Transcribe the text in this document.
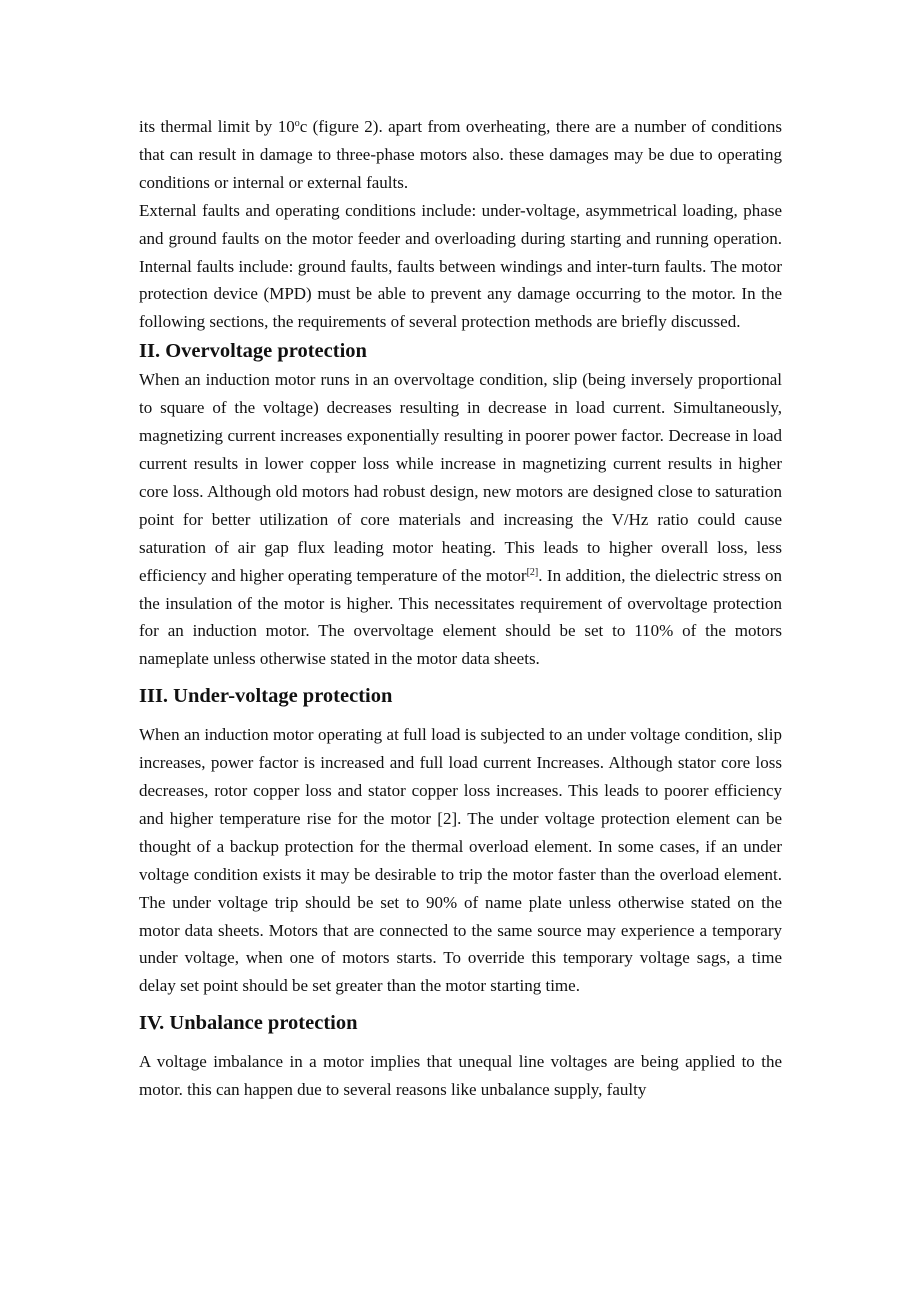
its thermal limit by 10$^o$c (figure 2). apart from overheating, there are a number of conditions that can result in damage to three-phase motors also. these damages may be due to operating conditions or internal or external faults.

External faults and operating conditions include: under-voltage, asymmetrical loading, phase and ground faults on the motor feeder and overloading during starting and running operation. Internal faults include: ground faults, faults between windings and inter-turn faults. The motor protection device (MPD) must be able to prevent any damage occurring to the motor. In the following sections, the requirements of several protection methods are briefly discussed.

II. Overvoltage protection

When an induction motor runs in an overvoltage condition, slip (being inversely proportional to square of the voltage) decreases resulting in decrease in load current. Simultaneously, magnetizing current increases exponentially resulting in poorer power factor. Decrease in load current results in lower copper loss while increase in magnetizing current results in higher core loss. Although old motors had robust design, new motors are designed close to saturation point for better utilization of core materials and increasing the V/Hz ratio could cause saturation of air gap flux leading motor heating. This leads to higher overall loss, less efficiency and higher operating temperature of the motor[2]. In addition, the dielectric stress on the insulation of the motor is higher. This necessitates requirement of overvoltage protection for an induction motor. The overvoltage element should be set to 110% of the motors nameplate unless otherwise stated in the motor data sheets.

III. Under-voltage protection

When an induction motor operating at full load is subjected to an under voltage condition, slip increases, power factor is increased and full load current Increases. Although stator core loss decreases, rotor copper loss and stator copper loss increases. This leads to poorer efficiency and higher temperature rise for the motor [2]. The under voltage protection element can be thought of a backup protection for the thermal overload element. In some cases, if an under voltage condition exists it may be desirable to trip the motor faster than the overload element. The under voltage trip should be set to 90% of name plate unless otherwise stated on the motor data sheets. Motors that are connected to the same source may experience a temporary under voltage, when one of motors starts. To override this temporary voltage sags, a time delay set point should be set greater than the motor starting time.

IV. Unbalance protection

A voltage imbalance in a motor implies that unequal line voltages are being applied to the motor. this can happen due to several reasons like unbalance supply, faulty
